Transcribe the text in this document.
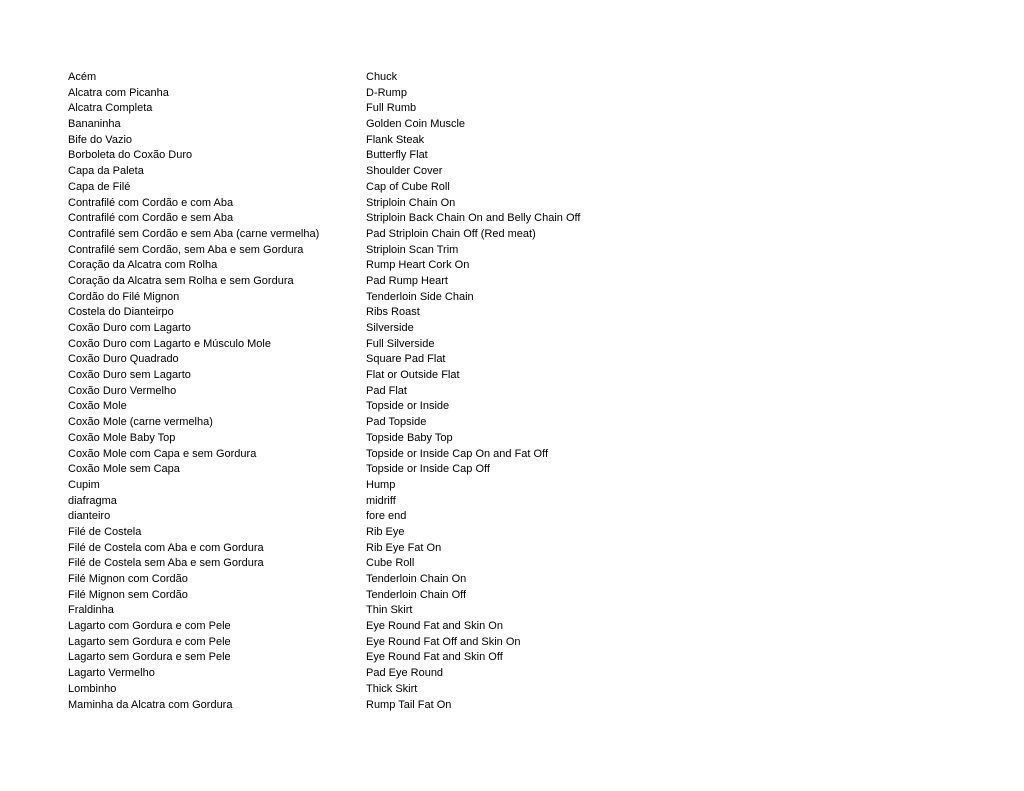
Acém	Chuck
Alcatra com Picanha	D-Rump
Alcatra Completa	Full Rumb
Bananinha	Golden Coin Muscle
Bife do Vazio	Flank Steak
Borboleta do Coxão Duro	Butterfly Flat
Capa da Paleta	Shoulder Cover
Capa de Filé	Cap of Cube Roll
Contrafilé com Cordão e com Aba	Striploin Chain On
Contrafilé com Cordão e sem Aba	Striploin Back Chain On and Belly Chain Off
Contrafilé sem Cordão e sem Aba (carne vermelha)	Pad Striploin Chain Off (Red meat)
Contrafilé sem Cordão, sem Aba e sem Gordura	Striploin Scan Trim
Coração da Alcatra com Rolha	Rump Heart Cork On
Coração da Alcatra sem Rolha e sem Gordura	Pad Rump Heart
Cordão do Filé Mignon	Tenderloin Side Chain
Costela do Dianteirpo	Ribs Roast
Coxão Duro com Lagarto	Silverside
Coxão Duro com Lagarto e Músculo Mole	Full Silverside
Coxão Duro Quadrado	Square Pad Flat
Coxão Duro sem Lagarto	Flat or Outside Flat
Coxão Duro Vermelho	Pad Flat
Coxão Mole	Topside or Inside
Coxão Mole (carne vermelha)	Pad Topside
Coxão Mole Baby Top	Topside Baby Top
Coxão Mole com Capa e sem Gordura	Topside or Inside Cap On and Fat Off
Coxão Mole sem Capa	Topside or Inside Cap Off
Cupim	Hump
diafragma	midriff
dianteiro	fore end
Filé de Costela	Rib Eye
Filé de Costela com Aba e com Gordura	Rib Eye Fat On
Filé de Costela sem Aba e sem Gordura	Cube Roll
Filé Mignon com Cordão	Tenderloin Chain On
Filé Mignon sem Cordão	Tenderloin Chain Off
Fraldinha	Thin Skirt
Lagarto com Gordura e com Pele	Eye Round Fat and Skin On
Lagarto sem Gordura e com Pele	Eye Round Fat Off and Skin On
Lagarto sem Gordura e sem Pele	Eye Round Fat and Skin Off
Lagarto Vermelho	Pad Eye Round
Lombinho	Thick Skirt
Maminha da Alcatra com Gordura	Rump Tail Fat On
